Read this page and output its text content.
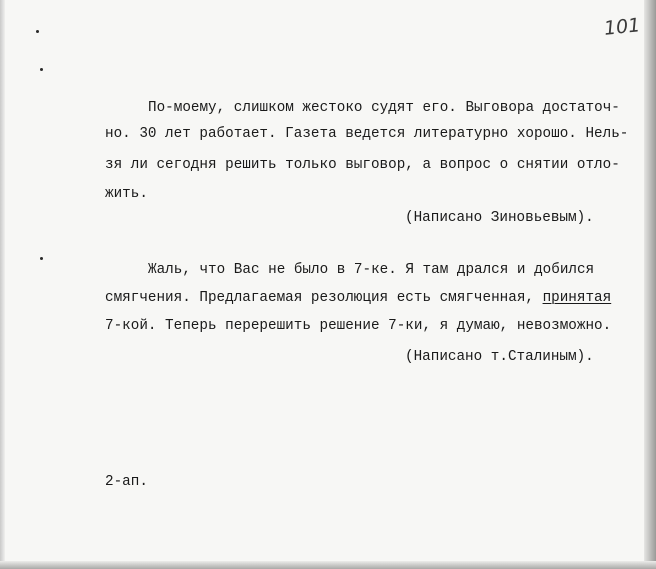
101
По-моему, слишком жестоко судят его. Выговора достаточ-
но. 30 лет работает. Газета ведется литературно хорошо. Нель-
зя ли сегодня решить только выговор, а вопрос о снятии отло-
жить.
(Написано Зиновьевым).
Жаль, что Вас не было в 7-ке. Я там дрался и добился
смягчения. Предлагаемая резолюция есть смягченная, принятая
7-кой. Теперь перерешить решение 7-ки, я думаю, невозможно.
(Написано т.Сталиным).
2-ап.
